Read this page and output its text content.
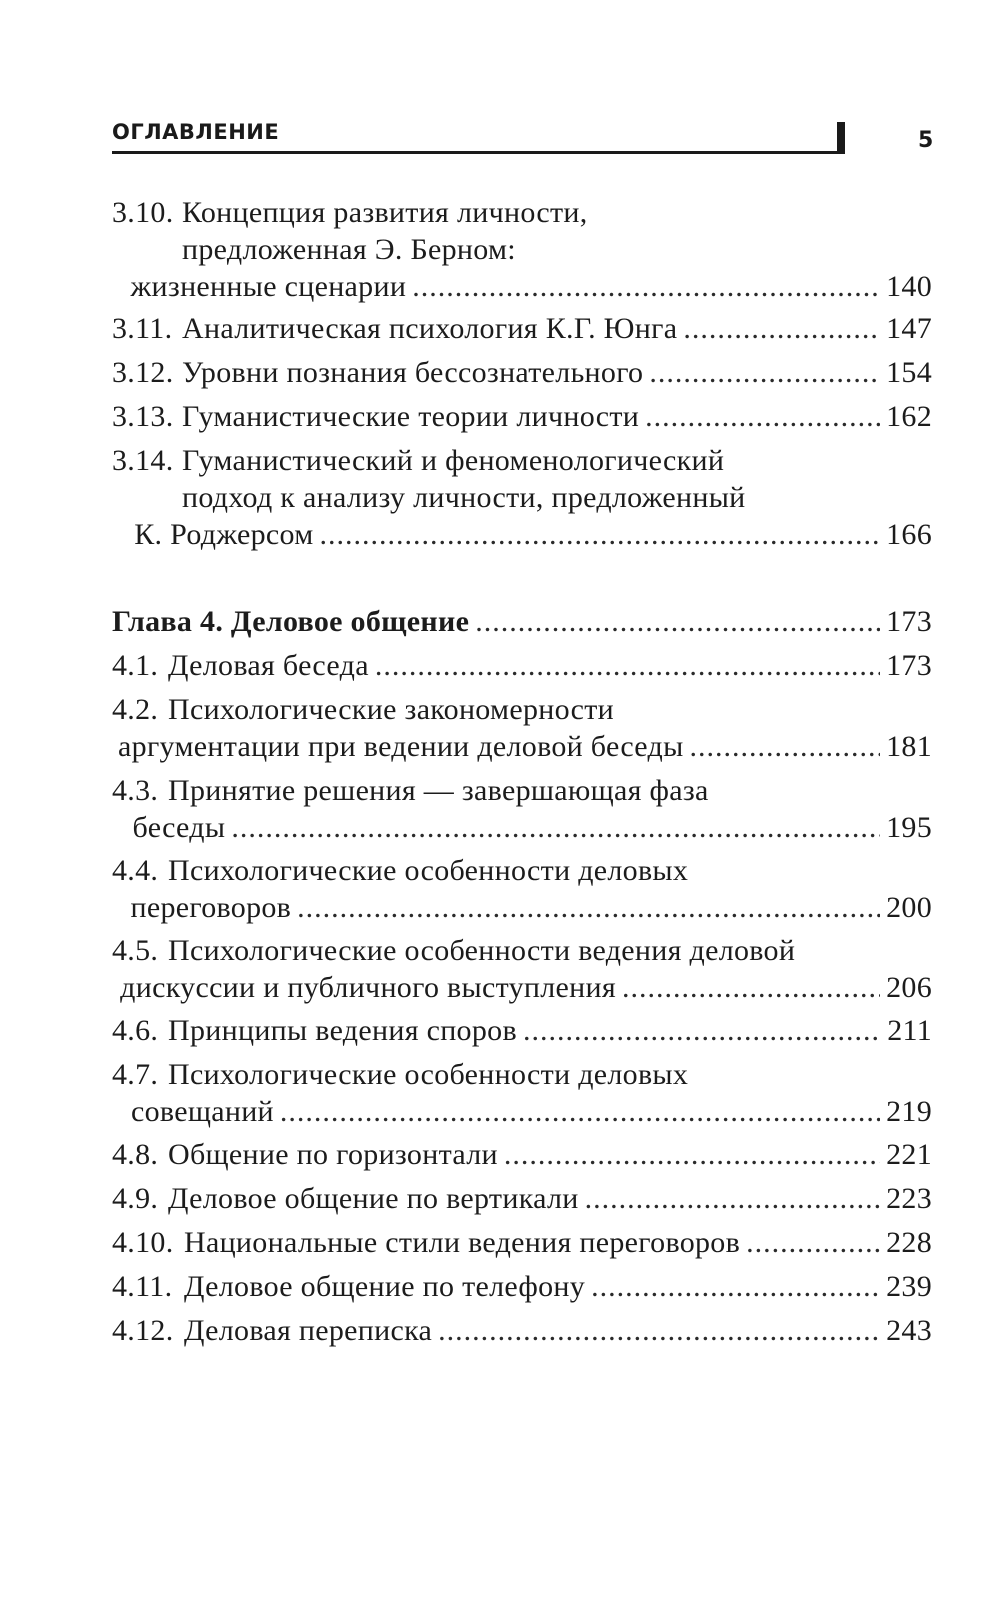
ОГЛАВЛЕНИЕ	5
3.10. Концепция развития личности,
предложенная Э. Берном:
жизненные сценарии .....	140
3.11. Аналитическая психология К.Г. Юнга .....	147
3.12. Уровни познания бессознательного .....	154
3.13. Гуманистические теории личности .....	162
3.14. Гуманистический и феноменологический
подход к анализу личности, предложенный
К. Роджерсом .....	166
Глава 4. Деловое общение .....	173
4.1. Деловая беседа .....	173
4.2. Психологические закономерности
аргументации при ведении деловой беседы .....	181
4.3. Принятие решения — завершающая фаза
беседы .....	195
4.4. Психологические особенности деловых
переговоров .....	200
4.5. Психологические особенности ведения деловой
дискуссии и публичного выступления .....	206
4.6. Принципы ведения споров .....	211
4.7. Психологические особенности деловых
совещаний .....	219
4.8. Общение по горизонтали .....	221
4.9. Деловое общение по вертикали .....	223
4.10. Национальные стили ведения переговоров .....	228
4.11. Деловое общение по телефону .....	239
4.12. Деловая переписка .....	243
